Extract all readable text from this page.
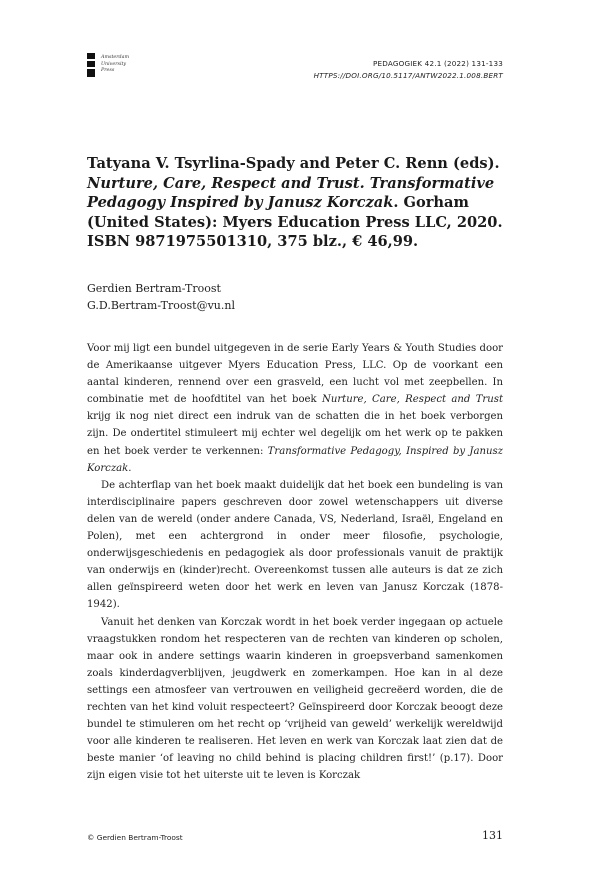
Amsterdam
University
Press
PEDAGOGIEK 42.1 (2022) 131-133
HTTPS://DOI.ORG/10.5117/ANTW2022.1.008.BERT
Tatyana V. Tsyrlina-Spady and Peter C. Renn (eds). Nurture, Care, Respect and Trust. Transformative Pedagogy Inspired by Janusz Korczak. Gorham (United States): Myers Education Press LLC, 2020. ISBN 9871975501310, 375 blz., € 46,99.
Gerdien Bertram-Troost
G.D.Bertram-Troost@vu.nl

Voor mij ligt een bundel uitgegeven in de serie Early Years & Youth Studies door de Amerikaanse uitgever Myers Education Press, LLC. Op de voorkant een aantal kinderen, rennend over een grasveld, een lucht vol met zeepbellen. In combinatie met de hoofdtitel van het boek Nurture, Care, Respect and Trust krijg ik nog niet direct een indruk van de schatten die in het boek verborgen zijn. De ondertitel stimuleert mij echter wel degelijk om het werk op te pakken en het boek verder te verkennen: Transformative Pedagogy, Inspired by Janusz Korczak.

De achterflap van het boek maakt duidelijk dat het boek een bundeling is van interdisciplinaire papers geschreven door zowel wetenschappers uit diverse delen van de wereld (onder andere Canada, VS, Nederland, Israël, Engeland en Polen), met een achtergrond in onder meer filosofie, psychologie, onderwijsgeschiedenis en pedagogiek als door professionals vanuit de praktijk van onderwijs en (kinder)recht. Overeenkomst tussen alle auteurs is dat ze zich allen geïnspireerd weten door het werk en leven van Janusz Korczak (1878-1942).

Vanuit het denken van Korczak wordt in het boek verder ingegaan op actuele vraagstukken rondom het respecteren van de rechten van kinderen op scholen, maar ook in andere settings waarin kinderen in groepsverband samenkomen zoals kinderdagverblijven, jeugdwerk en zomerkampen. Hoe kan in al deze settings een atmosfeer van vertrouwen en veiligheid gecreëerd worden, die de rechten van het kind voluit respecteert? Geïnspireerd door Korczak beoogt deze bundel te stimuleren om het recht op ‘vrijheid van geweld’ werkelijk wereldwijd voor alle kinderen te realiseren. Het leven en werk van Korczak laat zien dat de beste manier ‘of leaving no child behind is placing children first!’ (p.17). Door zijn eigen visie tot het uiterste uit te leven is Korczak

© Gerdien Bertram-Troost	131
